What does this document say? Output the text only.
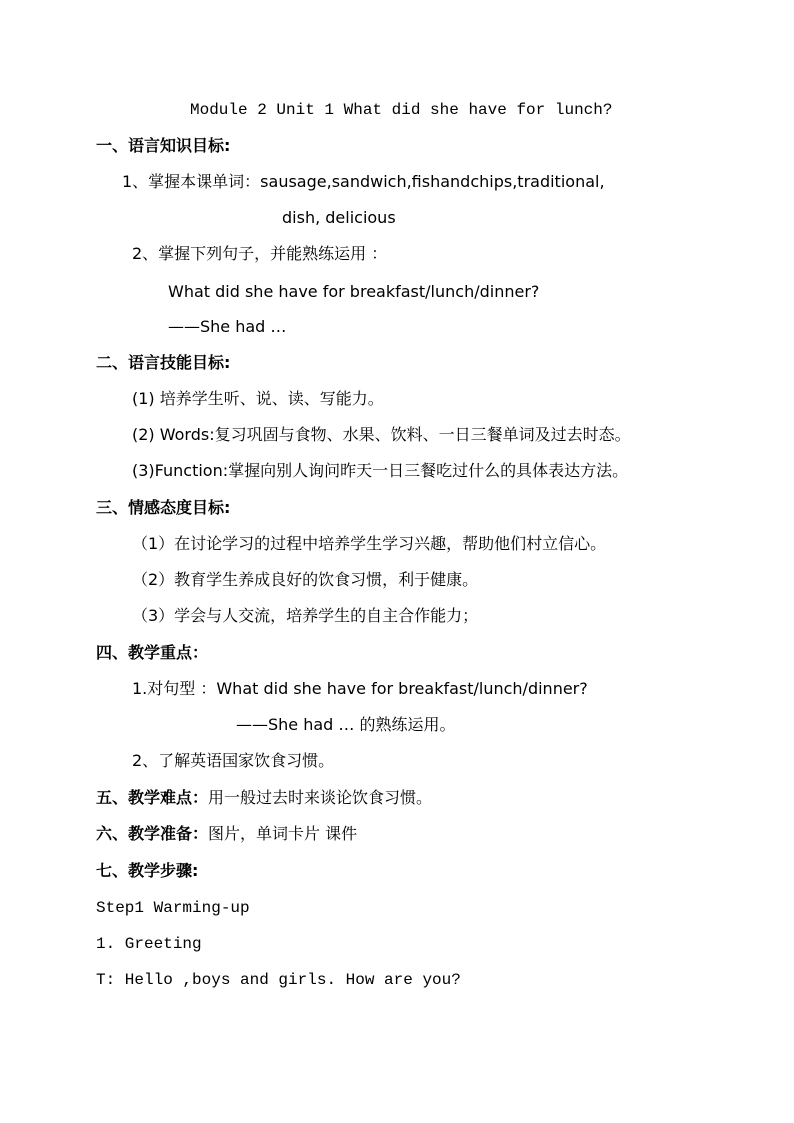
Module 2 Unit 1 What did she have for lunch?
一、语言知识目标:
1、掌握本课单词：sausage,sandwich,fishandchips,traditional,
dish, delicious
2、掌握下列句子，并能熟练运用 ：
What did she have for breakfast/lunch/dinner?
——She had …
二、语言技能目标:
(1) 培养学生听、说、读、写能力。
(2) Words:复习巩固与食物、水果、饮料、一日三餐单词及过去时态。
(3)Function:掌握向别人询问昨天一日三餐吃过什么的具体表达方法。
三、情感态度目标:
（1）在讨论学习的过程中培养学生学习兴趣，帮助他们村立信心。
（2）教育学生养成良好的饮食习惯，利于健康。
（3）学会与人交流，培养学生的自主合作能力；
四、教学重点：
1.对句型 ：What did she have for breakfast/lunch/dinner?
——She had … 的熟练运用。
2、了解英语国家饮食习惯。
五、教学难点：用一般过去时来谈论饮食习惯。
六、教学准备：图片，单词卡片 课件
七、教学步骤:
Step1 Warming-up
1. Greeting
T: Hello ,boys and girls. How are you?
